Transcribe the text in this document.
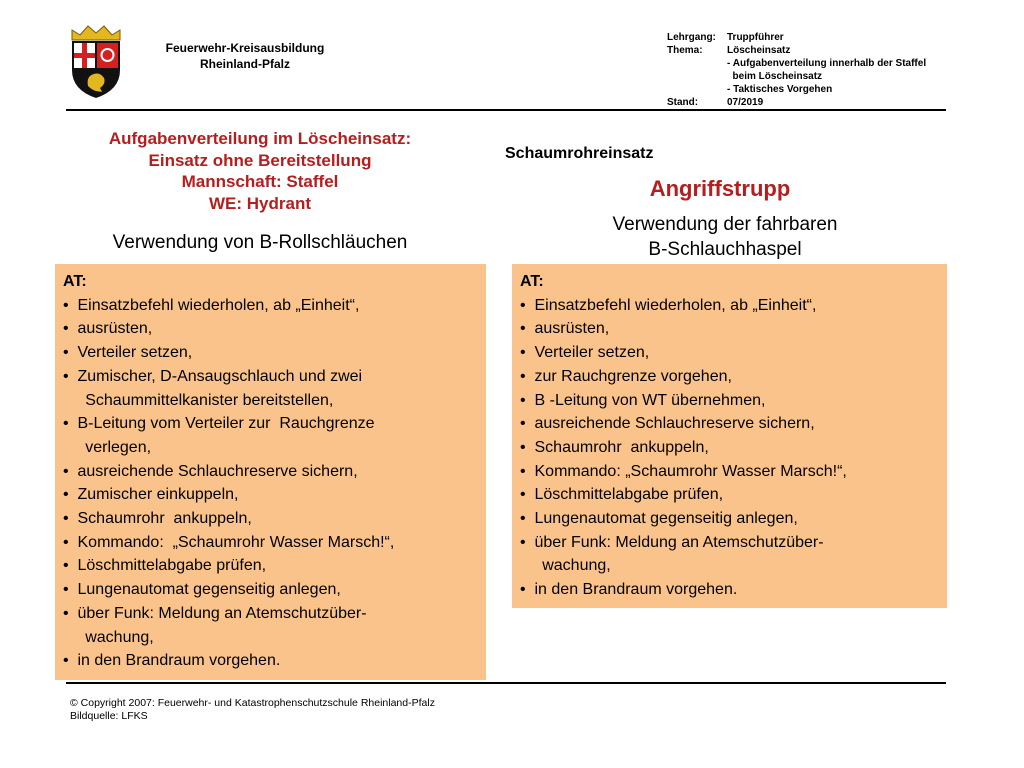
Feuerwehr-Kreisausbildung
Rheinland-Pfalz
Lehrgang:	Truppführer
Thema:	Löscheinsatz
- Aufgabenverteilung innerhalb der Staffel
beim Löscheinsatz
- Taktisches Vorgehen
Stand:	07/2019
Aufgabenverteilung im Löscheinsatz:
Einsatz ohne Bereitstellung
Mannschaft: Staffel
WE: Hydrant
Verwendung von B-Rollschläuchen
AT:
•  Einsatzbefehl wiederholen, ab „Einheit“,
•  ausrüsten,
•  Verteiler setzen,
•  Zumischer, D-Ansaugschlauch und zwei
Schaummittelkanister bereitstellen,
•  B-Leitung vom Verteiler zur  Rauchgrenze
verlegen,
•  ausreichende Schlauchreserve sichern,
•  Zumischer einkuppeln,
•  Schaumrohr  ankuppeln,
•  Kommando:  „Schaumrohr Wasser Marsch!“,
•  Löschmittelabgabe prüfen,
•  Lungenautomat gegenseitig anlegen,
•  über Funk: Meldung an Atemschutzüber-
wachung,
•  in den Brandraum vorgehen.
Schaumrohreinsatz
Angriffstrupp
Verwendung der fahrbaren
B-Schlauchhaspel
AT:
•  Einsatzbefehl wiederholen, ab „Einheit“,
•  ausrüsten,
•  Verteiler setzen,
•  zur Rauchgrenze vorgehen,
•  B -Leitung von WT übernehmen,
•  ausreichende Schlauchreserve sichern,
•  Schaumrohr  ankuppeln,
•  Kommando: „Schaumrohr Wasser Marsch!“,
•  Löschmittelabgabe prüfen,
•  Lungenautomat gegenseitig anlegen,
•  über Funk: Meldung an Atemschutzüber-
wachung,
•  in den Brandraum vorgehen.
© Copyright 2007: Feuerwehr- und Katastrophenschutzschule Rheinland-Pfalz
Bildquelle: LFKS
